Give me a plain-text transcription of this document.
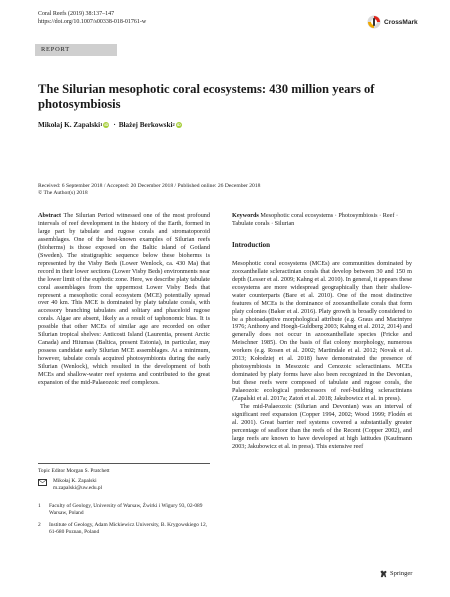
Coral Reefs (2019) 38:137–147
https://doi.org/10.1007/s00338-018-01761-w	CrossMark
REPORT
The Silurian mesophotic coral ecosystems: 430 million years of photosymbiosis
Mikołaj K. Zapalski 1 iD · Błażej Berkowski 2 iD
Received: 6 September 2018 / Accepted: 20 December 2018 / Published online: 26 December 2018
© The Author(s) 2018
Abstract The Silurian Period witnessed one of the most profound intervals of reef development in the history of the Earth, formed in large part by tabulate and rugose corals and stromatoporoid assemblages. One of the best-known examples of Silurian reefs (bioherms) is those exposed on the Baltic island of Gotland (Sweden). The stratigraphic sequence below these bioherms is represented by the Visby Beds (Lower Wenlock, ca. 430 Ma) that record in their lower sections (Lower Visby Beds) environments near the lower limit of the euphotic zone. Here, we describe platy tabulate coral assemblages from the uppermost Lower Visby Beds that represent a mesophotic coral ecosystem (MCE) potentially spread over 40 km. This MCE is dominated by platy tabulate corals, with accessory branching tabulates and solitary and phaceloid rugose corals. Algae are absent, likely as a result of taphonomic bias. It is possible that other MCEs of similar age are recorded on other Silurian tropical shelves: Anticosti Island (Laurentia, present Arctic Canada) and Hiiumaa (Baltica, present Estonia), in particular, may possess candidate early Silurian MCE assemblages. At a minimum, however, tabulate corals acquired photosymbionts during the early Silurian (Wenlock), which resulted in the development of both MCEs and shallow-water reef systems and contributed to the great expansion of the mid-Palaeozoic reef complexes.
Keywords Mesophotic coral ecosystems · Photosymbiosis · Reef · Tabulate corals · Silurian

Introduction

Mesophotic coral ecosystems (MCEs) are communities dominated by zooxanthellate scleractinian corals that develop between 30 and 150 m depth (Lesser et al. 2009; Kahng et al. 2010). In general, it appears these ecosystems are more widespread geographically than their shallow-water counterparts (Bare et al. 2010). One of the most distinctive features of MCEs is the dominance of zooxanthellate corals that form platy colonies (Baker et al. 2016). Platy growth is broadly considered to be a photoadaptive morphological attribute (e.g. Graus and Macintyre 1976; Anthony and Hoegh-Guldberg 2003; Kahng et al. 2012, 2014) and generally does not occur in azooxanthellate species (Fricke and Meischner 1985). On the basis of flat colony morphology, numerous workers (e.g. Rosen et al. 2002; Martindale et al. 2012; Novak et al. 2013; Kołodziej et al. 2018) have demonstrated the presence of photosymbiosis in Mesozoic and Cenozoic scleractinians. MCEs dominated by platy forms have also been recognized in the Devonian, but these reefs were composed of tabulate and rugose corals, the Palaeozoic ecological predecessors of reef-building scleractinians (Zapalski et al. 2017a; Zatoń et al. 2018; Jakubowicz et al. in press).
The mid-Palaeozoic (Silurian and Devonian) was an interval of significant reef expansion (Copper 1994, 2002; Wood 1999; Flodén et al. 2001). Great barrier reef systems covered a substantially greater percentage of seafloor than the reefs of the Recent (Copper 2002), and large reefs are known to have developed at high latitudes (Kaufmann 2003; Jakubowicz et al. in press). This extensive reef
Topic Editor Morgan S. Pratchett
Mikołaj K. Zapalski
m.zapalski@uw.edu.pl
1 Faculty of Geology, University of Warsaw, Żwirki i Wigury 93, 02-089 Warsaw, Poland
2 Institute of Geology, Adam Mickiewicz University, B. Krygowskiego 12, 61-680 Poznan, Poland
Springer
